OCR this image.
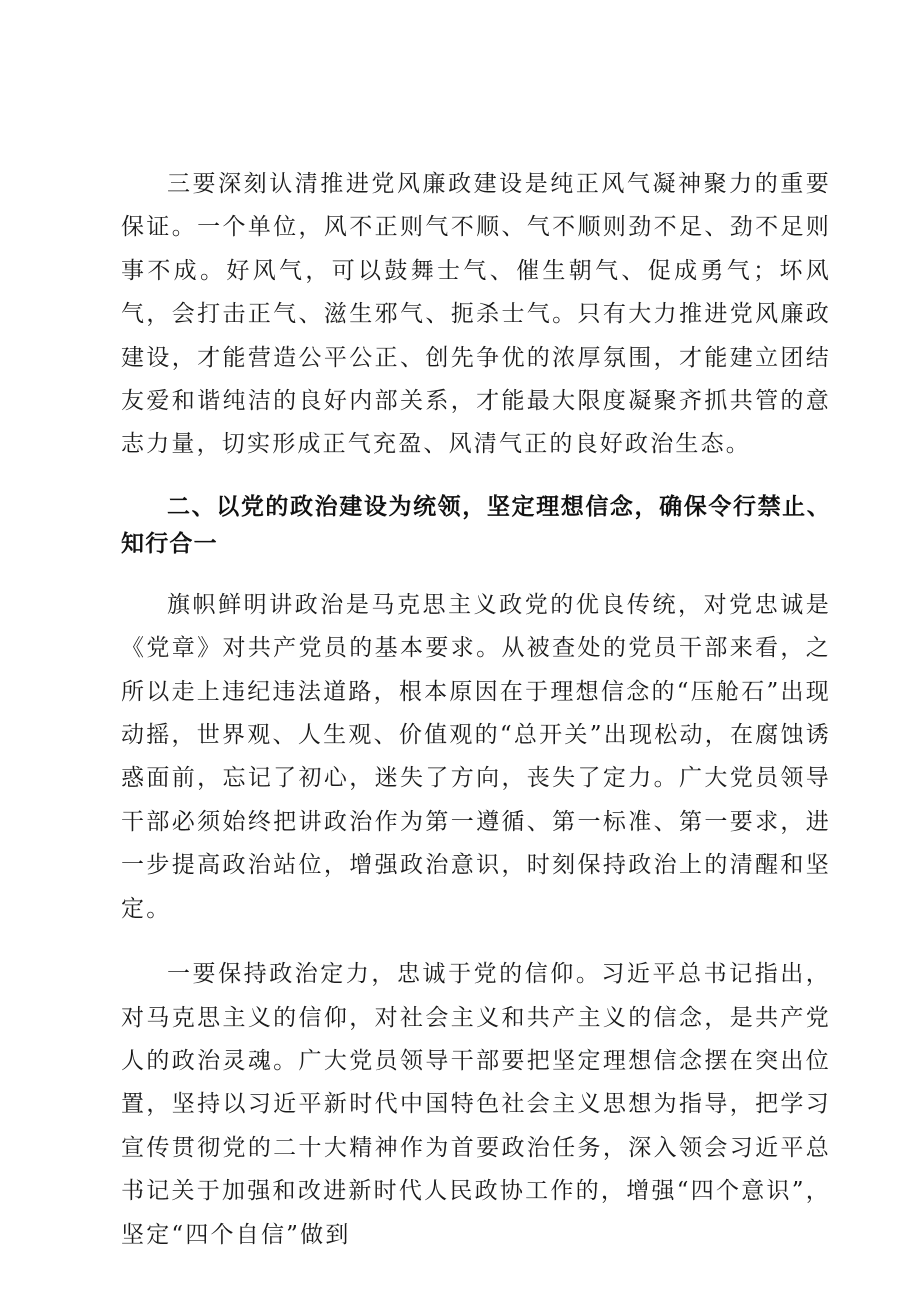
三要深刻认清推进党风廉政建设是纯正风气凝神聚力的重要保证。一个单位，风不正则气不顺、气不顺则劲不足、劲不足则事不成。好风气，可以鼓舞士气、催生朝气、促成勇气；坏风气，会打击正气、滋生邪气、扼杀士气。只有大力推进党风廉政建设，才能营造公平公正、创先争优的浓厚氛围，才能建立团结友爱和谐纯洁的良好内部关系，才能最大限度凝聚齐抓共管的意志力量，切实形成正气充盈、风清气正的良好政治生态。

二、以党的政治建设为统领，坚定理想信念，确保令行禁止、知行合一

旗帜鲜明讲政治是马克思主义政党的优良传统，对党忠诚是《党章》对共产党员的基本要求。从被查处的党员干部来看，之所以走上违纪违法道路，根本原因在于理想信念的“压舱石”出现动摇，世界观、人生观、价值观的“总开关”出现松动，在腐蚀诱惑面前，忘记了初心，迷失了方向，丧失了定力。广大党员领导干部必须始终把讲政治作为第一遵循、第一标准、第一要求，进一步提高政治站位，增强政治意识，时刻保持政治上的清醒和坚定。

一要保持政治定力，忠诚于党的信仰。习近平总书记指出，对马克思主义的信仰，对社会主义和共产主义的信念，是共产党人的政治灵魂。广大党员领导干部要把坚定理想信念摆在突出位置，坚持以习近平新时代中国特色社会主义思想为指导，把学习宣传贯彻党的二十大精神作为首要政治任务，深入领会习近平总书记关于加强和改进新时代人民政协工作的，增强“四个意识”，坚定“四个自信”做到
